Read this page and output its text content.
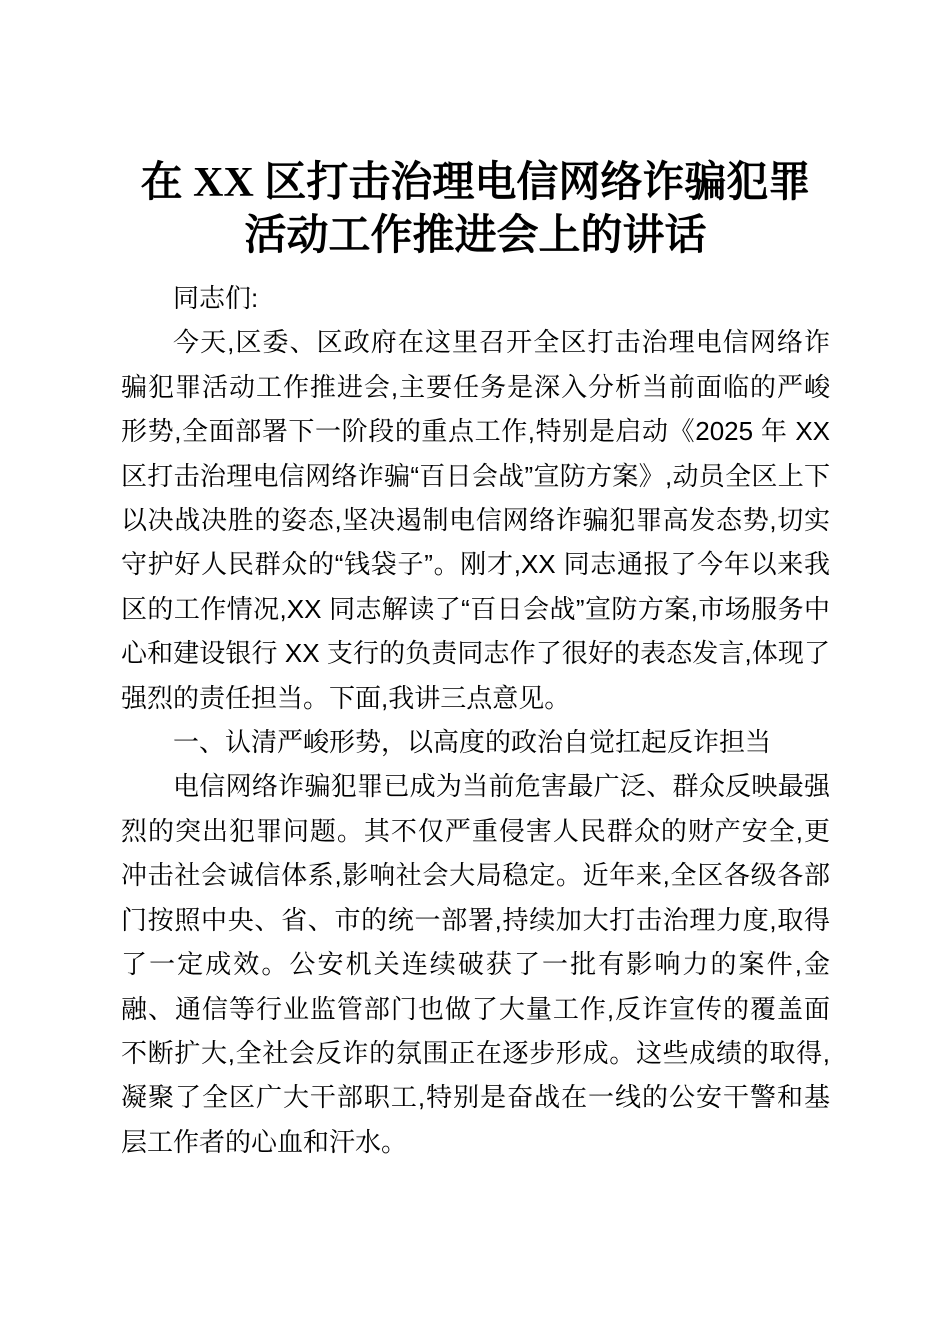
在 XX 区打击治理电信网络诈骗犯罪活动工作推进会上的讲话

同志们:

今天,区委、区政府在这里召开全区打击治理电信网络诈骗犯罪活动工作推进会,主要任务是深入分析当前面临的严峻形势,全面部署下一阶段的重点工作,特别是启动《2025 年 XX 区打击治理电信网络诈骗“百日会战”宣防方案》,动员全区上下以决战决胜的姿态,坚决遏制电信网络诈骗犯罪高发态势,切实守护好人民群众的“钱袋子”。刚才,XX 同志通报了今年以来我区的工作情况,XX 同志解读了“百日会战”宣防方案,市场服务中心和建设银行 XX 支行的负责同志作了很好的表态发言,体现了强烈的责任担当。下面,我讲三点意见。

一、认清严峻形势，以高度的政治自觉扛起反诈担当

电信网络诈骗犯罪已成为当前危害最广泛、群众反映最强烈的突出犯罪问题。其不仅严重侵害人民群众的财产安全,更冲击社会诚信体系,影响社会大局稳定。近年来,全区各级各部门按照中央、省、市的统一部署,持续加大打击治理力度,取得了一定成效。公安机关连续破获了一批有影响力的案件,金融、通信等行业监管部门也做了大量工作,反诈宣传的覆盖面不断扩大,全社会反诈的氛围正在逐步形成。这些成绩的取得,凝聚了全区广大干部职工,特别是奋战在一线的公安干警和基层工作者的心血和汗水。
